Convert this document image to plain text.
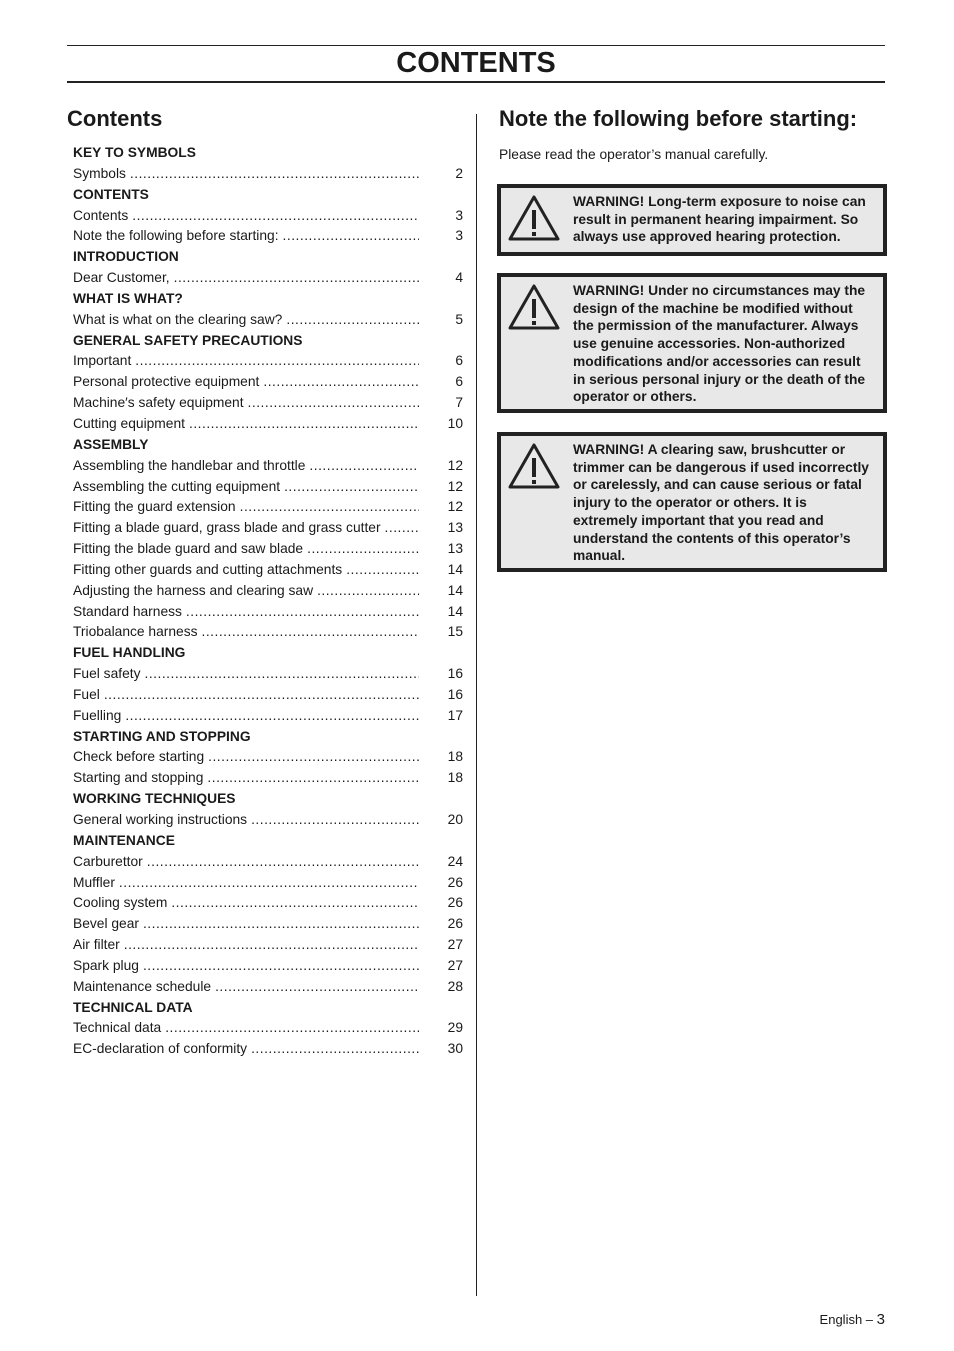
CONTENTS
Contents
KEY TO SYMBOLS
Symbols .....	2
CONTENTS
Contents .....	3
Note the following before starting: .....	3
INTRODUCTION
Dear Customer, .....	4
WHAT IS WHAT?
What is what on the clearing saw? .....	5
GENERAL SAFETY PRECAUTIONS
Important .....	6
Personal protective equipment .....	6
Machine′s safety equipment .....	7
Cutting equipment .....	10
ASSEMBLY
Assembling the handlebar and throttle .....	12
Assembling the cutting equipment .....	12
Fitting the guard extension .....	12
Fitting a blade guard, grass blade and grass cutter .....	13
Fitting the blade guard and saw blade .....	13
Fitting other guards and cutting attachments .....	14
Adjusting the harness and clearing saw .....	14
Standard harness .....	14
Triobalance harness .....	15
FUEL HANDLING
Fuel safety .....	16
Fuel .....	16
Fuelling .....	17
STARTING AND STOPPING
Check before starting .....	18
Starting and stopping .....	18
WORKING TECHNIQUES
General working instructions .....	20
MAINTENANCE
Carburettor .....	24
Muffler .....	26
Cooling system .....	26
Bevel gear .....	26
Air filter .....	27
Spark plug .....	27
Maintenance schedule .....	28
TECHNICAL DATA
Technical data .....	29
EC-declaration of conformity .....	30
Note the following before starting:
Please read the operator’s manual carefully.
WARNING! Long-term exposure to noise can result in permanent hearing impairment. So always use approved hearing protection.
WARNING! Under no circumstances may the design of the machine be modified without the permission of the manufacturer. Always use genuine accessories. Non-authorized modifications and/or accessories can result in serious personal injury or the death of the operator or others.
WARNING! A clearing saw, brushcutter or trimmer can be dangerous if used incorrectly or carelessly, and can cause serious or fatal injury to the operator or others. It is extremely important that you read and understand the contents of this operator’s manual.
English – 3
